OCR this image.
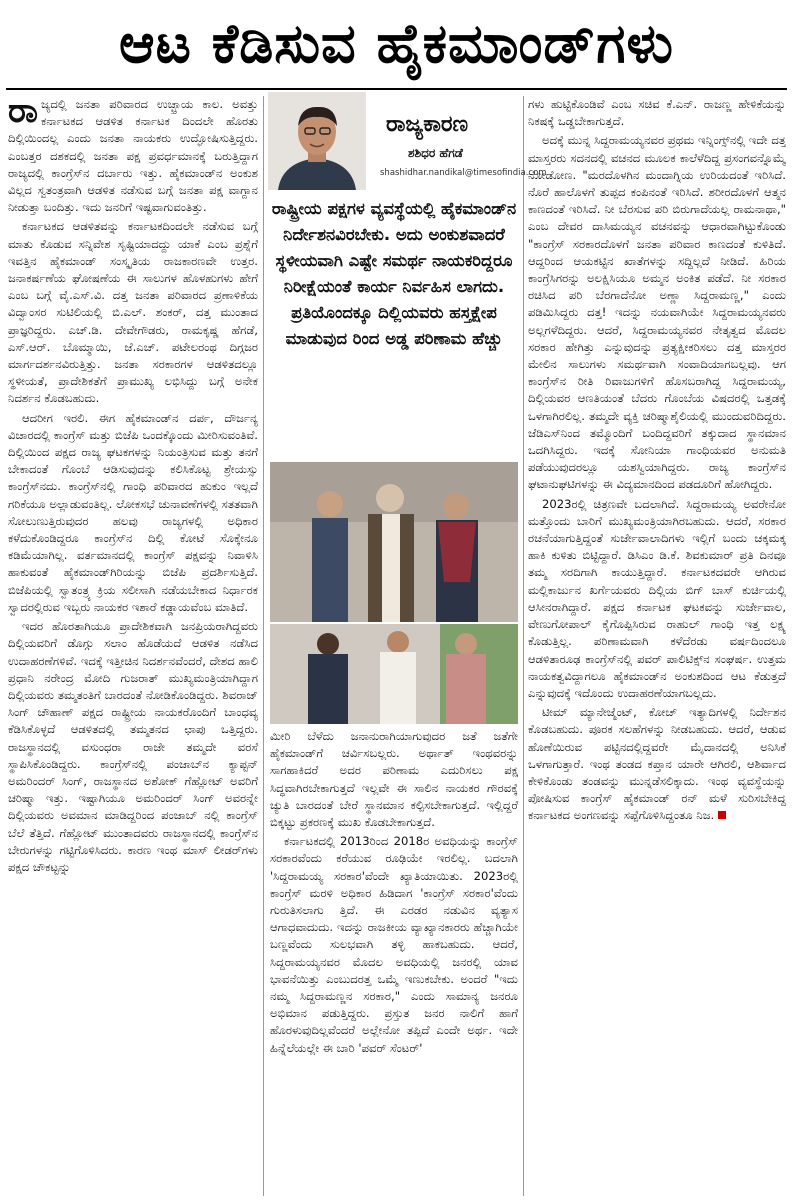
ಆಟ ಕೆಡಿಸುವ ಹೈಕಮಾಂಡ್‌ಗಳು

ರಾಜ್ಯದಲ್ಲಿ ಜನತಾ ಪರಿವಾರದ ಉಚ್ಛ್ರಾಯ ಕಾಲ. ಅವತ್ತು ಕರ್ನಾಟಕದ ಆಡಳಿತ ಕರ್ನಾಟಕ ದಿಂದಲೇ ಹೊರತು ದಿಲ್ಲಿಯಿಂದಲ್ಲ ಎಂದು ಜನತಾ ನಾಯಕರು ಉದ್ಘೋಷಿಸುತ್ತಿದ್ದರು. ಎಂಬತ್ತರ ದಶಕದಲ್ಲಿ ಜನತಾ ಪಕ್ಷ ಪ್ರವರ್ಧಮಾನಕ್ಕೆ ಬರುತ್ತಿದ್ದಾಗ ರಾಜ್ಯದಲ್ಲಿ ಕಾಂಗ್ರೆಸ್‌ನ ದರ್ಬಾರು ಇತ್ತು. ಹೈಕಮಾಂಡ್‌ನ ಅಂಕುಶ ವಿಲ್ಲದ ಸ್ವತಂತ್ರವಾಗಿ ಆಡಳಿತ ನಡೆಸುವ ಬಗ್ಗೆ ಜನತಾ ಪಕ್ಷ ವಾಗ್ದಾನ ನೀಡುತ್ತಾ ಬಂದಿತ್ತು. ಇದು ಜನರಿಗೆ ಇಷ್ಟವಾಗುವಂತಿತ್ತು.

ಕರ್ನಾಟಕದ ಆಡಳಿತವನ್ನು ಕರ್ನಾಟಕದಿಂದಲೇ ನಡೆಸುವ ಬಗ್ಗೆ ಮಾತು ಕೊಡುವ ಸನ್ನಿವೇಶ ಸೃಷ್ಟಿಯಾದದ್ದು ಯಾಕೆ ಎಂಬ ಪ್ರಶ್ನೆಗೆ ಇವತ್ತಿನ ಹೈಕಮಾಂಡ್ ಸಂಸ್ಕೃತಿಯ ರಾಜಕಾರಣವೇ ಉತ್ತರ. ಜನಾಕರ್ಷಣೆಯ ಘೋಷಣೆಯ ಈ ಸಾಲುಗಳ ಹೊಳಹುಗಳು ಹೇಗೆ ಎಂಬ ಬಗ್ಗೆ ವೈ.ಎಸ್.ವಿ. ದತ್ತ ಜನತಾ ಪರಿವಾರದ ಪ್ರಣಾಳಿಕೆಯ ವಿದ್ವಾಂಸರ ಸುಟಿಲಿಯಲ್ಲಿ ಬಿ.ಎಲ್. ಶಂಕರ್, ದತ್ತ ಮುಂತಾದ ಪ್ರಾಜ್ಞರಿದ್ದರು. ಎಚ್.ಡಿ. ದೇವೇಗೌಡರು, ರಾಮಕೃಷ್ಣ ಹೆಗಡೆ, ಎಸ್.ಆರ್. ಬೊಮ್ಮಾಯಿ, ಜೆ.ಎಚ್. ಪಟೇಲರಂಥ ದಿಗ್ಗಜರ ಮಾರ್ಗದರ್ಶನವಿರುತ್ತಿತ್ತು. ಜನತಾ ಸರಕಾರಗಳ ಆಡಳಿತದಲ್ಲೂ ಸ್ಥಳೀಯತೆ, ಪ್ರಾದೇಶಿಕತೆಗೆ ಪ್ರಾಮುಖ್ಯ ಲಭಿಸಿದ್ದು ಬಗ್ಗೆ ಅನೇಕ ನಿದರ್ಶನ ಕೊಡಬಹುದು.

ಆದರೀಗ ಇರಲಿ. ಈಗ ಹೈಕಮಾಂಡ್‌ನ ದರ್ಪ, ದೌರ್ಜನ್ಯ ವಿಚಾರದಲ್ಲಿ ಕಾಂಗ್ರೆಸ್ ಮತ್ತು ಬಿಜೆಪಿ ಒಂದಕ್ಕೊಂದು ಮೀರಿಸುವಂತಿವೆ. ದಿಲ್ಲಿಯಿಂದ ಪಕ್ಷದ ರಾಜ್ಯ ಘಟಕಗಳನ್ನು ನಿಯಂತ್ರಿಸುವ ಮತ್ತು ತನಗೆ ಬೇಕಾದಂತೆ ಗೊಂಬೆ ಆಡಿಸುವುದನ್ನು ಕಲಿಸಿಕೊಟ್ಟ ಶ್ರೇಯಸ್ಸು ಕಾಂಗ್ರೆಸ್‌ನದು. ಕಾಂಗ್ರೆಸ್‌ನಲ್ಲಿ ಗಾಂಧಿ ಪರಿವಾರದ ಹುಕುಂ ಇಲ್ಲದೆ ಗರಿಕೆಯೂ ಅಲ್ಲಾಡುವಂತಿಲ್ಲ. ಲೋಕಸಭೆ ಚುನಾವಣೆಗಳಲ್ಲಿ ಸತತವಾಗಿ ಸೋಲುಣುತ್ತಿರುವುದರ ಹಲವು ರಾಜ್ಯಗಳಲ್ಲಿ ಅಧಿಕಾರ ಕಳೆದುಕೊಂಡಿದ್ದರೂ ಕಾಂಗ್ರೆಸ್‌ನ ದಿಲ್ಲಿ ಕೋಟೆ ಸೊಕ್ಕೇನೂ ಕಡಿಮೆಯಾಗಿಲ್ಲ. ವರ್ತಮಾನದಲ್ಲಿ ಕಾಂಗ್ರೆಸ್ ಪಕ್ಷವನ್ನು ನಿವಾಳಿಸಿ ಹಾಕುವಂತೆ ಹೈಕಮಾಂಡ್‌ಗಿರಿಯನ್ನು ಬಿಜೆಪಿ ಪ್ರದರ್ಶಿಸುತ್ತಿದೆ. ಬಿಜೆಪಿಯಲ್ಲಿ ಸ್ವಾತಂತ್ರ್ಯ ಕ್ರಿಯ ಸಲೀಸಾಗಿ ನಡೆಯಬೇಕಾದ ನಿರ್ಧಾರಕ ಸ್ವಾದರಲ್ಲಿರುವ ಇಬ್ಬರು ನಾಯಕರ ಇಶಾರೆ ಕಡ್ಡಾಯವೆಂಬ ಮಾತಿದೆ.

ಇದರ ಹೊರತಾಗಿಯೂ ಪ್ರಾದೇಶಿಕವಾಗಿ ಜನಪ್ರಿಯರಾಗಿದ್ದವರು ದಿಲ್ಲಿಯವರಿಗೆ ಡೊಗ್ಗು ಸಲಾಂ ಹೊಡೆಯದೆ ಆಡಳಿತ ನಡೆಸಿದ ಉದಾಹರಣೆಗಳಿವೆ. ಇದಕ್ಕೆ ಇತ್ತೀಚಿನ ನಿದರ್ಶನವೆಂದರೆ, ದೇಶದ ಹಾಲಿ ಪ್ರಧಾನಿ ನರೇಂದ್ರ ಮೋದಿ ಗುಜರಾತ್ ಮುಖ್ಯಮಂತ್ರಿಯಾಗಿದ್ದಾಗ ದಿಲ್ಲಿಯವರು ತಮ್ಮತಂತಿಗೆ ಬಾರದಂತೆ ನೋಡಿಕೊಂಡಿದ್ದರು. ಶಿವರಾಜ್ ಸಿಂಗ್ ಚೌಹಾಣ್ ಪಕ್ಷದ ರಾಷ್ಟ್ರೀಯ ನಾಯಕರೊಂದಿಗೆ ಬಾಂಧವ್ಯ ಕೆಡಿಸಿಕೊಳ್ಳದೆ ಆಡಳಿತದಲ್ಲಿ ತಮ್ಮತನದ ಛಾಪು ಒತ್ತಿದ್ದರು. ರಾಜಸ್ಥಾನದಲ್ಲಿ ವಸುಂಧರಾ ರಾಜೇ ತಮ್ಮದೇ ವರಸೆ ಸ್ಥಾಪಿಸಿಕೊಂಡಿದ್ದರು. ಕಾಂಗ್ರೆಸ್‌ನಲ್ಲಿ ಪಂಜಾಬ್‌ನ ಕ್ಯಾಪ್ಟನ್ ಅಮರಿಂದರ್ ಸಿಂಗ್, ರಾಜಸ್ಥಾನದ ಅಶೋಕ್ ಗೆಹ್ಲೋಟ್ ಅವರಿಗೆ ಚರಿಷ್ಮಾ ಇತ್ತು. ಇಷ್ಟಾಗಿಯೂ ಅಮರಿಂದರ್ ಸಿಂಗ್ ಅವರನ್ನೇ ದಿಲ್ಲಿಯವರು ಅವಮಾನ ಮಾಡಿದ್ದರಿಂದ ಪಂಜಾಬ್ ನಲ್ಲಿ ಕಾಂಗ್ರೆಸ್ ಬೆಲೆ ತೆತ್ತಿದೆ. ಗೆಹ್ಲೋಟ್ ಮುಂತಾದವರು ರಾಜಸ್ಥಾನದಲ್ಲಿ ಕಾಂಗ್ರೆಸ್‌ನ ಬೇರುಗಳನ್ನು ಗಟ್ಟಿಗೊಳಿಸಿದರು. ಕಾರಣ ಇಂಥ ಮಾಸ್ ಲೀಡರ್‌ಗಳು ಪಕ್ಷದ ಚೌಕಟ್ಟನ್ನು

ರಾಜ್ಯಕಾರಣ
ಶಶಿಧರ ಹೆಗಡೆ
shashidhar.nandikal@timesofindia.com
ರಾಷ್ಟ್ರೀಯ ಪಕ್ಷಗಳ ವ್ಯವಸ್ಥೆಯಲ್ಲಿ ಹೈಕಮಾಂಡ್‌ನ ನಿರ್ದೇಶನವಿರಬೇಕು. ಅದು ಅಂಕುಶವಾದರೆ ಸ್ಥಳೀಯವಾಗಿ ಎಷ್ಟೇ ಸಮರ್ಥ ನಾಯಕರಿದ್ದರೂ ನಿರೀಕ್ಷೆಯಂತೆ ಕಾರ್ಯ ನಿರ್ವಹಿಸ ಲಾಗದು. ಪ್ರತಿಯೊಂದಕ್ಕೂ ದಿಲ್ಲಿಯವರು ಹಸ್ತಕ್ಷೇಪ ಮಾಡುವುದ ರಿಂದ ಅಡ್ಡ ಪರಿಣಾಮ ಹೆಚ್ಚು

ಮೀರಿ ಬೆಳೆದು ಜನಾನುರಾಗಿಯಾಗುವುದರ ಜತೆ ಜತೆಗೇ ಹೈಕಮಾಂಡ್‌ಗೆ ಚರ್ವಿಸಬಲ್ಲರು. ಅರ್ಥಾತ್ ಇಂಥವರನ್ನು ಸಾಗಹಾಕಿದರೆ ಅದರ ಪರಿಣಾಮ ಎದುರಿಸಲು ಪಕ್ಷ ಸಿದ್ಧವಾಗಿರಬೇಕಾಗುತ್ತದೆ ಇಲ್ಲವೇ ಈ ಸಾಲಿನ ನಾಯಕರ ಗೌರವಕ್ಕೆ ಚ್ಯುತಿ ಬಾರದಂತೆ ಬೇರೆ ಸ್ಥಾನಮಾನ ಕಲ್ಪಿಸಬೇಕಾಗುತ್ತದೆ. ಇಲ್ಲಿದ್ದರೆ ಬಿಕ್ಕಟ್ಟು ಪ್ರಕರಣಕ್ಕೆ ಮುಖ ಕೊಡಬೇಕಾಗುತ್ತದೆ.

ಕರ್ನಾಟಕದಲ್ಲಿ 2013ರಿಂದ 2018ರ ಅವಧಿಯನ್ನು ಕಾಂಗ್ರೆಸ್ ಸರಕಾರವೆಂದು ಕರೆಯುವ ರೂಢಿಯೇ ಇರಲಿಲ್ಲ. ಬದಲಾಗಿ 'ಸಿದ್ದರಾಮಯ್ಯ ಸರಕಾರ'ವೆಂದೇ ಖ್ಯಾತಿಯಾಯಿತು. 2023ರಲ್ಲಿ ಕಾಂಗ್ರೆಸ್ ಮರಳಿ ಅಧಿಕಾರ ಹಿಡಿದಾಗ 'ಕಾಂಗ್ರೆಸ್ ಸರಕಾರ'ವೆಂದು ಗುರುತಿಸಲಾಗು ತ್ತಿದೆ. ಈ ಎರಡರ ನಡುವಿನ ವ್ಯತ್ಯಾಸ ಆಗಾಧವಾದುದು. ಇದನ್ನು ರಾಜಕೀಯ ವ್ಯಾಖ್ಯಾನಕಾರರು ಹೆಚ್ಚಾಗಿಯೇ ಬಣ್ಣವೆಂದು ಸುಲಭವಾಗಿ ತಳ್ಳಿ ಹಾಕಬಹುದು. ಆದರೆ, ಸಿದ್ದರಾಮಯ್ಯನವರ ಮೊದಲ ಅವಧಿಯಲ್ಲಿ ಜನರಲ್ಲಿ ಯಾವ ಭಾವನೆಯಿತ್ತು ಎಂಬುದರತ್ತ ಒಮ್ಮೆ ಇಣುಕಬೇಕು. ಅಂದರೆ "ಇದು ನಮ್ಮ ಸಿದ್ದರಾಮಣ್ಣನ ಸರಕಾರ," ಎಂದು ಸಾಮಾನ್ಯ ಜನರೂ ಅಭಿಮಾನ ಪಡುತ್ತಿದ್ದರು. ಪ್ರಸ್ತುತ ಜನರ ನಾಲಿಗೆ ಹಾಗೆ ಹೊರಳುವುದಿಲ್ಲವೆಂದರೆ ಅಲ್ಲೇನೋ ತಪ್ಪಿದೆ ಎಂದೇ ಅರ್ಥ. ಇದೇ ಹಿನ್ನೆಲೆಯಲ್ಲೇ ಈ ಬಾರಿ 'ಪವರ್ ಸೆಂಟರ್'

ಗಳು ಹುಟ್ಟಿಕೊಂಡಿವೆ ಎಂಬ ಸಚಿವ ಕೆ.ಎನ್. ರಾಜಣ್ಣ ಹೇಳಿಕೆಯನ್ನು ನಿಕಷಕ್ಕೆ ಒಡ್ಡಬೇಕಾಗುತ್ತದೆ.

ಅದಕ್ಕೆ ಮುನ್ನ ಸಿದ್ದರಾಮಯ್ಯನವರ ಪ್ರಥಮ ಇನ್ನಿಂಗ್ಸ್‌ನಲ್ಲಿ ಇದೇ ದತ್ತ ಮಾಸ್ತರರು ಸದನದಲ್ಲಿ ವಚನದ ಮೂಲಕ ಕಾಲೆಳೆದಿದ್ದ ಪ್ರಸಂಗವನ್ನೊಮ್ಮೆ ನೋಡೋಣ. "ಮರದೊಳಗಿನ ಮಂದಾಗ್ನಿಯ ಉರಿಯದಂತೆ ಇರಿಸಿದೆ. ನೊರೆ ಹಾಲೊಳಗೆ ತುಪ್ಪದ ಕಂಪಿನಂತೆ ಇರಿಸಿದೆ. ಶರೀರದೊಳಗೆ ಆತ್ಮನ ಕಾಣದಂತೆ ಇರಿಸಿದೆ. ನೀ ಬೆರಸುವ ಪರಿ ಬಿರುಗಾದೆಯಲ್ಲ ರಾಮನಾಥಾ," ಎಂಬ ದೇವರ ದಾಸಿಮಯ್ಯನ ವಚನವನ್ನು ಆಧಾರವಾಗಿಟ್ಟುಕೊಂಡು "ಕಾಂಗ್ರೆಸ್ ಸರಕಾರದೊಳಗೆ ಜನತಾ ಪರಿವಾರ ಕಾಣದಂತೆ ಕುಳಿತಿದೆ. ಆದ್ದರಿಂದ ಆಯಕಟ್ಟಿನ ಖಾತೆಗಳನ್ನು ಸದ್ದಿಲ್ಲದೆ ನೀಡಿದೆ. ಹಿರಿಯ ಕಾಂಗ್ರೆಸಿಗರನ್ನು ಅಲಕ್ಷಿಸಿಯೂ ಅಮ್ಮನ ಅಂಕಿತ ಪಡೆದೆ. ನೀ ಸರಕಾರ ರಚಿಸಿದ ಪರಿ ಬೆರಗಾದೆನೋ ಅಣ್ಣಾ ಸಿದ್ದರಾಮಣ್ಣ," ಎಂದು ಪಡಿಮಿಸಿದ್ದರು ದತ್ತ! ಇದನ್ನು ನಯವಾಗಿಯೇ ಸಿದ್ದರಾಮಯ್ಯನವರು ಅಲ್ಲಗಳೆದಿದ್ದರು. ಆದರೆ, ಸಿದ್ದರಾಮಯ್ಯನವರ ನೇತೃತ್ವದ ಮೊದಲ ಸರಕಾರ ಹೇಗಿತ್ತು ಎನ್ನುವುದನ್ನು ಪ್ರತ್ಯಕ್ಷೀಕರಿಸಲು ದತ್ತ ಮಾಸ್ತರರ ಮೇಲಿನ ಸಾಲುಗಳು ಸಮರ್ಥವಾಗಿ ಸಂವಾದಿಯಾಗಬಲ್ಲವು. ಆಗ ಕಾಂಗ್ರೆಸ್‌ನ ರೀತಿ ರಿವಾಜುಗಳಿಗೆ ಹೊಸಬರಾಗಿದ್ದ ಸಿದ್ದರಾಮಯ್ಯ, ದಿಲ್ಲಿಯವರ ಆಣತಿಯಂತೆ ಬೆದರು ಗೊಂಬೆಯ ವಿಷದರಲ್ಲಿ ಒತ್ತಡಕ್ಕೆ ಒಳಗಾಗಿರಲಿಲ್ಲ. ತಮ್ಮದೇ ವ್ಯಕ್ತಿ ಚರಿಷ್ಮಾಶೈಲಿಯಲ್ಲಿ ಮುಂದುವರಿದಿದ್ದರು. ಜೆಡಿಎಸ್‌ನಿಂದ ತಮ್ಮೊಂದಿಗೆ ಬಂದಿದ್ದವರಿಗೆ ತಕ್ಕುದಾದ ಸ್ಥಾನಮಾನ ಒದಗಿಸಿದ್ದರು. ಇದಕ್ಕೆ ಸೋನಿಯಾ ಗಾಂಧಿಯವರ ಅನುಮತಿ ಪಡೆಯುವುದರಲ್ಲೂ ಯಶಸ್ವಿಯಾಗಿದ್ದರು. ರಾಜ್ಯ ಕಾಂಗ್ರೆಸ್‌ನ ಘಟಾನುಘಟಿಗಳನ್ನು ಈ ವಿದ್ಯಮಾನದಿಂದ ಪಡದೂರಿಗೆ ಹೋಗಿದ್ದರು.

2023ರಲ್ಲಿ ಚಿತ್ರಣವೇ ಬದಲಾಗಿದೆ. ಸಿದ್ದರಾಮಯ್ಯ ಅವರೇನೋ ಮತ್ತೊಂದು ಬಾರಿಗೆ ಮುಖ್ಯಮಂತ್ರಿಯಾಗಿರಬಹುದು. ಆದರೆ, ಸರಕಾರ ರಚನೆಯಾಗುತ್ತಿದ್ದಂತೆ ಸುರ್ಜೇವಾಲಾದಿಗಳು ಇಲ್ಲಿಗೆ ಬಂದು ಚಕ್ಕಮಕ್ಕ ಹಾಕಿ ಕುಳಿತು ಬಿಟ್ಟಿದ್ದಾರೆ. ಡಿಸಿಎಂ ಡಿ.ಕೆ. ಶಿವಕುಮಾರ್ ಪ್ರತಿ ದಿನವೂ ತಮ್ಮ ಸರದಿಗಾಗಿ ಕಾಯುತ್ತಿದ್ದಾರೆ. ಕರ್ನಾಟಕದವರೇ ಆಗಿರುವ ಮಲ್ಲಿಕಾರ್ಜುನ ಖರ್ಗೆಯವರು ದಿಲ್ಲಿಯ ಬಿಗ್ ಬಾಸ್ ಕುರ್ಚಿಯಲ್ಲಿ ಆಸೀನರಾಗಿದ್ದಾರೆ. ಪಕ್ಷದ ಕರ್ನಾಟಕ ಘಟಕವನ್ನು ಸುರ್ಜೇವಾಲ, ವೇಣುಗೋಪಾಲ್ ಕೈಗೊಪ್ಪಿಸಿರುವ ರಾಹುಲ್ ಗಾಂಧಿ ಇತ್ತ ಲಕ್ಷ್ಯ ಕೊಡುತ್ತಿಲ್ಲ. ಪರಿಣಾಮವಾಗಿ ಕಳೆದೆರಡು ವರ್ಷದಿಂದಲೂ ಆಡಳಿತಾರೂಢ ಕಾಂಗ್ರೆಸ್‌ನಲ್ಲಿ ಪವರ್ ಪಾಲಿಟಿಕ್ಸ್‌ನ ಸಂಘರ್ಷ. ಉತ್ತಮ ನಾಯಕತ್ವವಿದ್ದಾಗಲೂ ಹೈಕಮಾಂಡ್‌ನ ಅಂಕುಶದಿಂದ ಆಟ ಕೆಡುತ್ತದೆ ಎನ್ನುವುದಕ್ಕೆ ಇದೊಂದು ಉದಾಹರಣೆಯಾಗಬಲ್ಲದು.

ಟೀಮ್ ಮ್ಯಾನೇಜ್ಮೆಂಟ್, ಕೋಚ್ ಇತ್ಯಾದಿಗಳಲ್ಲಿ ನಿರ್ದೇಶನ ಕೊಡಬಹುದು. ಪೂರಕ ಸಲಹೆಗಳನ್ನು ನೀಡಬಹುದು. ಆದರೆ, ಆಡುವ ಹೊಣೆಯಿರುವ ಪಟ್ಟಿನದಲ್ಲಿದ್ದವರೇ ಮೈದಾನದಲ್ಲಿ ಅನಿಸಿಕೆ ಒಳಗಾಗುತ್ತಾರೆ. ಇಂಥ ತಂಡದ ಕಪ್ತಾನ ಯಾರೇ ಆಗಿರಲಿ, ಆಶಿರ್ವಾದ ಕೇಳಿಕೊಂಡು ತಂಡವನ್ನು ಮುನ್ನಡೆಸಲಿಕ್ಕಾದು. ಇಂಥ ವ್ಯವಸ್ಥೆಯನ್ನು ಪೋಷಿಸುವ ಕಾಂಗ್ರೆಸ್ ಹೈಕಮಾಂಡ್ ರನ್ ಮಳೆ ಸುರಿಸಬೇಕಿದ್ದ ಕರ್ನಾಟಕದ ಅಂಗಣವನ್ನು ಸಪ್ಪೆಗೊಳಿಸಿದ್ದಂತೂ ನಿಜ.
